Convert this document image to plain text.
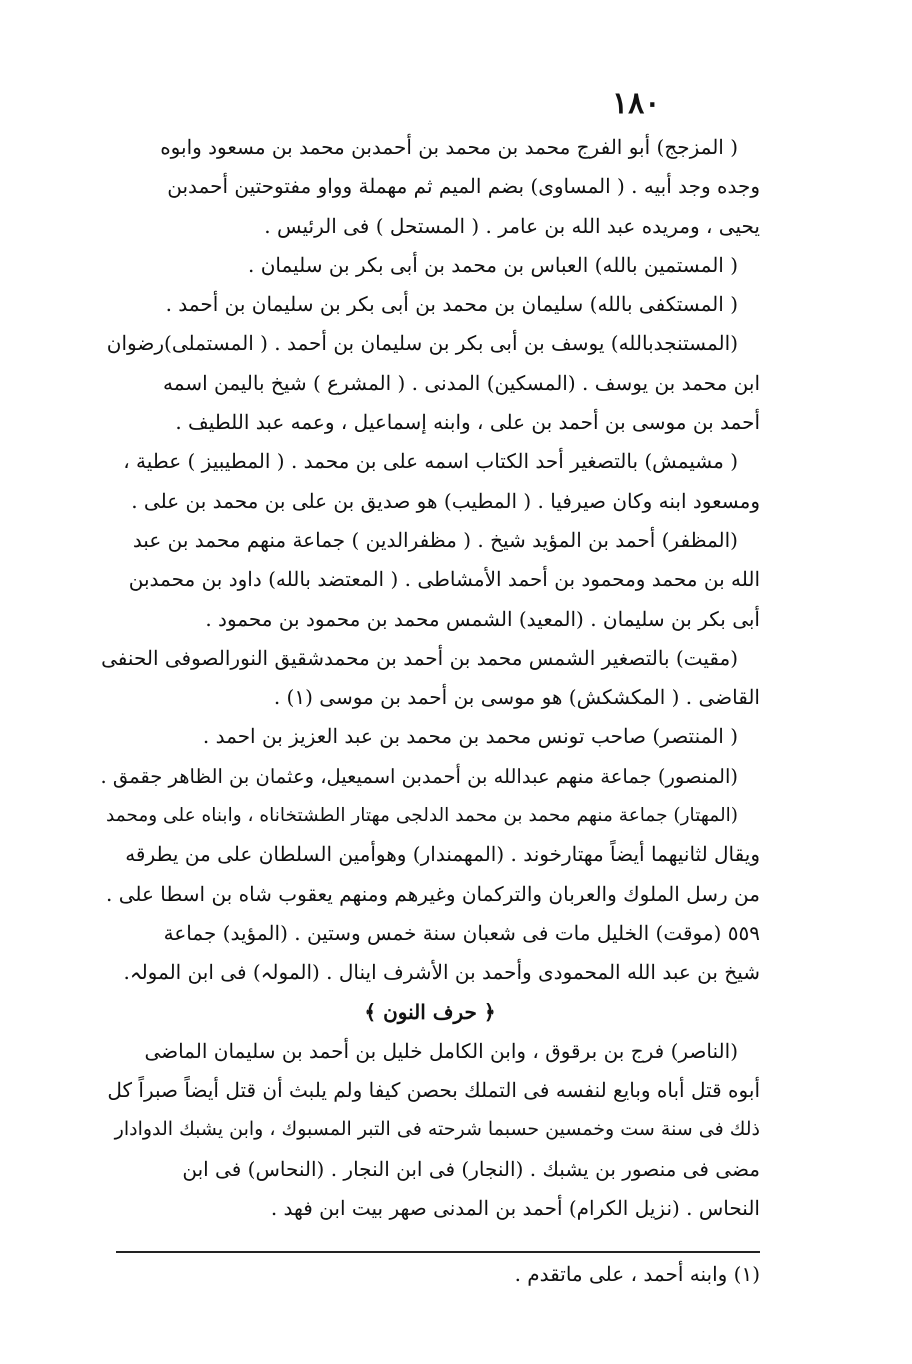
١٨٠
( المزجج) أبو الفرج محمد بن محمد بن أحمدبن محمد بن مسعود وابوه
وجده وجد أبيه . ( المساوى) بضم الميم ثم مهملة وواو مفتوحتين أحمدبن
يحيى ، ومريده عبد الله بن عامر . ( المستحل ) فى الرئيس .
( المستمين بالله) العباس بن محمد بن أبى بكر بن سليمان .
( المستكفى بالله) سليمان بن محمد بن أبى بكر بن سليمان بن أحمد .
(المستنجدبالله) يوسف بن أبى بكر بن سليمان بن أحمد . ( المستملى)رضوان
ابن محمد بن يوسف . (المسكين) المدنى . ( المشرع ) شيخ باليمن اسمه
أحمد بن موسى بن أحمد بن على ، وابنه إسماعيل ، وعمه عبد اللطيف .
( مشيمش) بالتصغير أحد الكتاب اسمه على بن محمد . ( المطيبيز ) عطية ،
ومسعود ابنه وكان صيرفيا . ( المطيب) هو صديق بن على بن محمد بن على .
(المظفر) أحمد بن المؤيد شيخ . ( مظفرالدين ) جماعة منهم محمد بن عبد
الله بن محمد ومحمود بن أحمد الأمشاطى . ( المعتضد بالله) داود بن محمدبن
أبى بكر بن سليمان . (المعيد) الشمس محمد بن محمود بن محمود .
(مقيت) بالتصغير الشمس محمد بن أحمد بن محمدشقيق النورالصوفى الحنفى
القاضى . ( المكشكش) هو موسى بن أحمد بن موسى (١) .
( المنتصر) صاحب تونس محمد بن محمد بن عبد العزيز بن احمد .
(المنصور) جماعة منهم عبدالله بن أحمدبن اسميعيل، وعثمان بن الظاهر جقمق .
(المهتار) جماعة منهم محمد بن محمد الدلجى مهتار الطشتخاناه ، وابناه على ومحمد
ويقال لثانيهما أيضاً مهتارخوند . (المهمندار) وهوأمين السلطان على من يطرقه
من رسل الملوك والعربان والتركمان وغيرهم ومنهم يعقوب شاه بن اسطا على .
٥٥٩ (موقت) الخليل مات فى شعبان سنة خمس وستين . (المؤيد) جماعة
شيخ بن عبد الله المحمودى وأحمد بن الأشرف اينال . (المولہ) فى ابن المولہ.
﴿ حرف النون ﴾
(الناصر) فرج بن برقوق ، وابن الكامل خليل بن أحمد بن سليمان الماضى
أبوه قتل أباه وبايع لنفسه فى التملك بحصن كيفا ولم يلبث أن قتل أيضاً صبراً كل
ذلك فى سنة ست وخمسين حسبما شرحته فى التبر المسبوك ، وابن يشبك الدوادار
مضى فى منصور بن يشبك . (النجار) فى ابن النجار . (النحاس) فى ابن
النحاس . (نزيل الكرام) أحمد بن المدنى صهر بيت ابن فهد .
(١) وابنه أحمد ، على ماتقدم .
